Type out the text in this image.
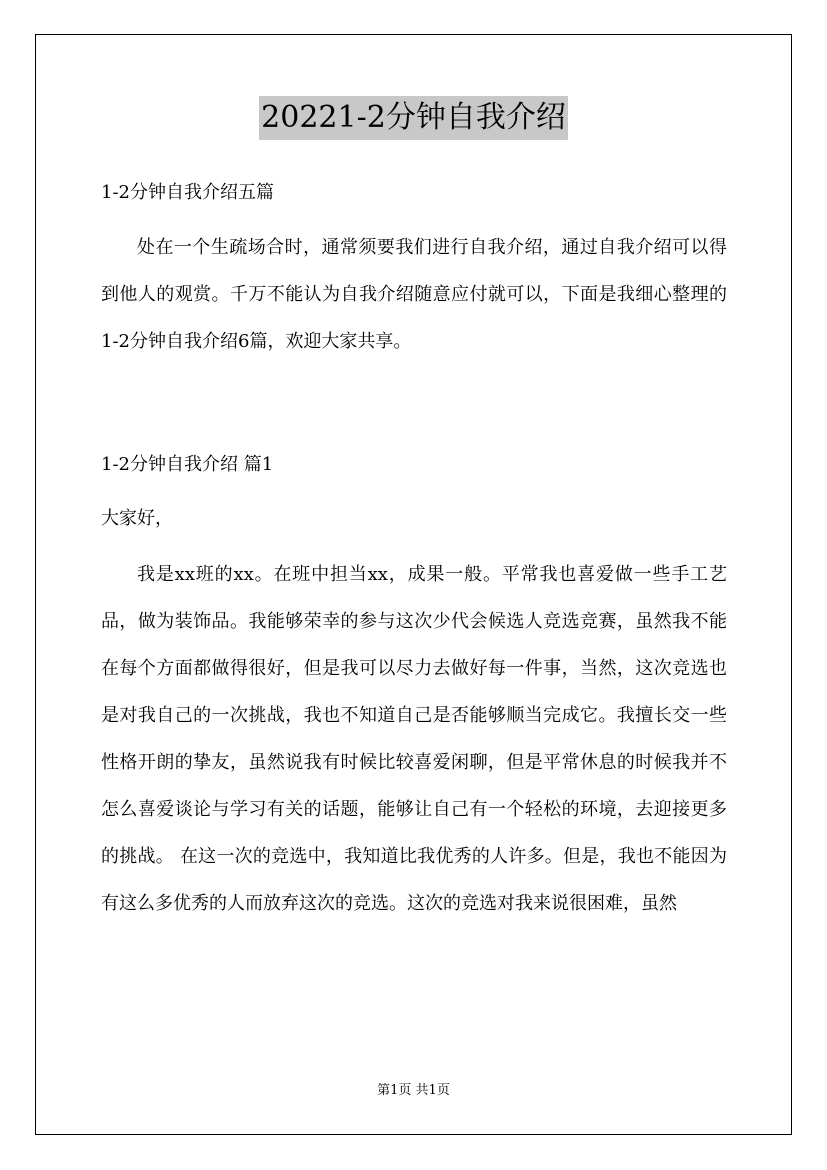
20221-2分钟自我介绍
1-2分钟自我介绍五篇

处在一个生疏场合时，通常须要我们进行自我介绍，通过自我介绍可以得到他人的观赏。千万不能认为自我介绍随意应付就可以，下面是我细心整理的1-2分钟自我介绍6篇，欢迎大家共享。

1-2分钟自我介绍 篇1
大家好，

我是xx班的xx。在班中担当xx，成果一般。平常我也喜爱做一些手工艺品，做为装饰品。我能够荣幸的参与这次少代会候选人竞选竞赛，虽然我不能在每个方面都做得很好，但是我可以尽力去做好每一件事，当然，这次竞选也是对我自己的一次挑战，我也不知道自己是否能够顺当完成它。我擅长交一些性格开朗的挚友，虽然说我有时候比较喜爱闲聊，但是平常休息的时候我并不怎么喜爱谈论与学习有关的话题，能够让自己有一个轻松的环境，去迎接更多的挑战。 在这一次的竞选中，我知道比我优秀的人许多。但是，我也不能因为有这么多优秀的人而放弃这次的竞选。这次的竞选对我来说很困难，虽然

第1页 共1页
